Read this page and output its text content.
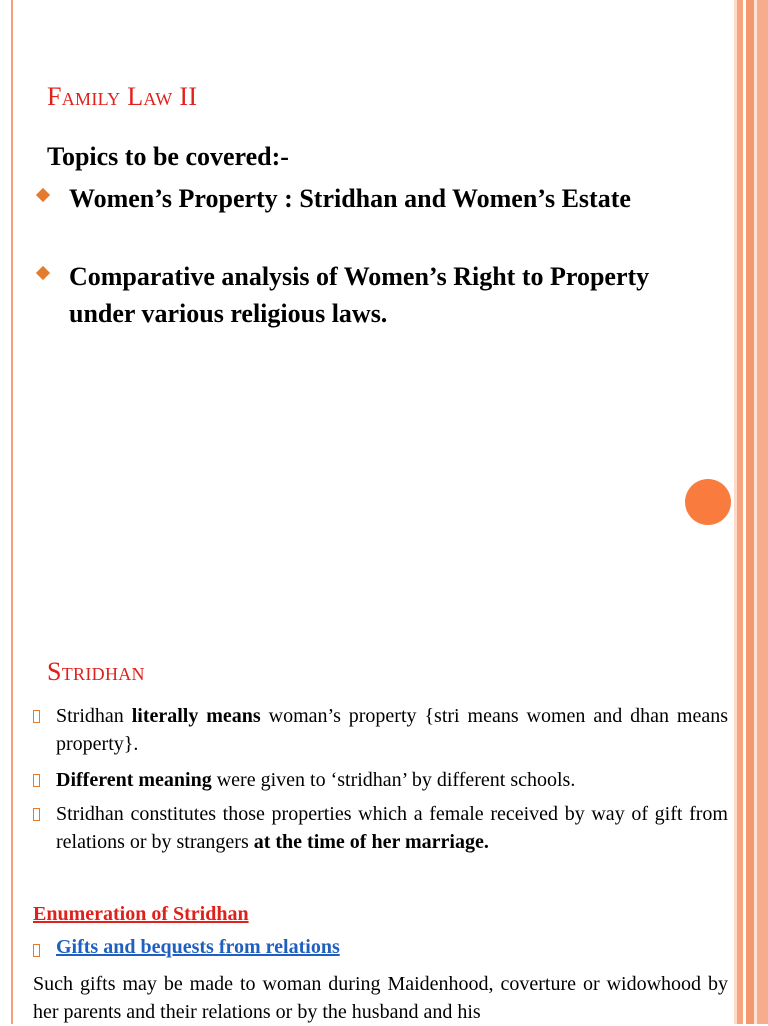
Family Law II
Topics to be covered:-
Women’s Property : Stridhan and Women’s Estate
Comparative analysis of Women’s Right to Property under various religious laws.
Stridhan
Stridhan literally means woman’s property {stri means women and dhan means property}.
Different meaning were given to ‘stridhan’ by different schools.
Stridhan constitutes those properties which a female received by way of gift from relations or by strangers at the time of her marriage.
Enumeration of Stridhan
Gifts and bequests from relations
Such gifts may be made to woman during Maidenhood, coverture or widowhood by her parents and their relations or by the husband and his
